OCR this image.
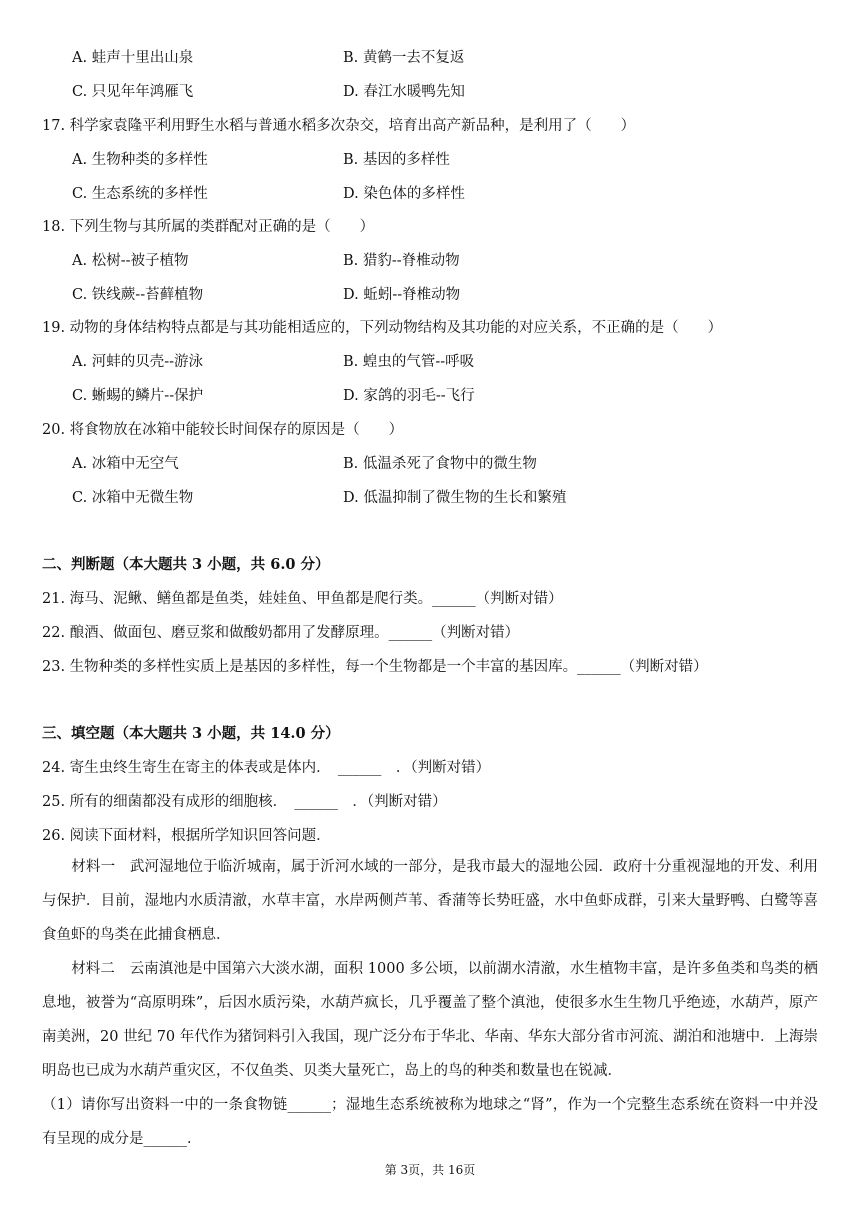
A. 蛙声十里出山泉	B. 黄鹤一去不复返
C. 只见年年鸿雁飞	D. 春江水暖鸭先知
17. 科学家袁隆平利用野生水稻与普通水稻多次杂交，培育出高产新品种，是利用了（　　）
A. 生物种类的多样性	B. 基因的多样性
C. 生态系统的多样性	D. 染色体的多样性
18. 下列生物与其所属的类群配对正确的是（　　）
A. 松树--被子植物	B. 猎豹--脊椎动物
C. 铁线蕨--苔藓植物	D. 蚯蚓--脊椎动物
19. 动物的身体结构特点都是与其功能相适应的，下列动物结构及其功能的对应关系，不正确的是（　　）
A. 河蚌的贝壳--游泳	B. 蝗虫的气管--呼吸
C. 蜥蜴的鳞片--保护	D. 家鸽的羽毛--飞行
20. 将食物放在冰箱中能较长时间保存的原因是（　　）
A. 冰箱中无空气	B. 低温杀死了食物中的微生物
C. 冰箱中无微生物	D. 低温抑制了微生物的生长和繁殖
二、判断题（本大题共 3 小题，共 6.0 分）
21. 海马、泥鳅、鳝鱼都是鱼类，娃娃鱼、甲鱼都是爬行类。______（判断对错）
22. 酿酒、做面包、磨豆浆和做酸奶都用了发酵原理。______（判断对错）
23. 生物种类的多样性实质上是基因的多样性，每一个生物都是一个丰富的基因库。______（判断对错）
三、填空题（本大题共 3 小题，共 14.0 分）
24. 寄生虫终生寄生在寄主的体表或是体内．　______　．（判断对错）
25. 所有的细菌都没有成形的细胞核．　______　．（判断对错）
26. 阅读下面材料，根据所学知识回答问题．
　　材料一　武河湿地位于临沂城南，属于沂河水域的一部分，是我市最大的湿地公园．政府十分重视湿地的开发、利用与保护．目前，湿地内水质清澈，水草丰富，水岸两侧芦苇、香蒲等长势旺盛，水中鱼虾成群，引来大量野鸭、白鹭等喜食鱼虾的鸟类在此捕食栖息．
　　材料二　云南滇池是中国第六大淡水湖，面积 1000 多公顷，以前湖水清澈，水生植物丰富，是许多鱼类和鸟类的栖息地，被誉为“高原明珠”，后因水质污染，水葫芦疯长，几乎覆盖了整个滇池，使很多水生生物几乎绝迹，水葫芦，原产南美洲，20 世纪 70 年代作为猪饲料引入我国，现广泛分布于华北、华南、华东大部分省市河流、湖泊和池塘中．上海崇明岛也已成为水葫芦重灾区，不仅鱼类、贝类大量死亡，岛上的鸟的种类和数量也在锐减．
（1）请你写出资料一中的一条食物链______；湿地生态系统被称为地球之“肾”，作为一个完整生态系统在资料一中并没有呈现的成分是______．
第 3页，共 16页
